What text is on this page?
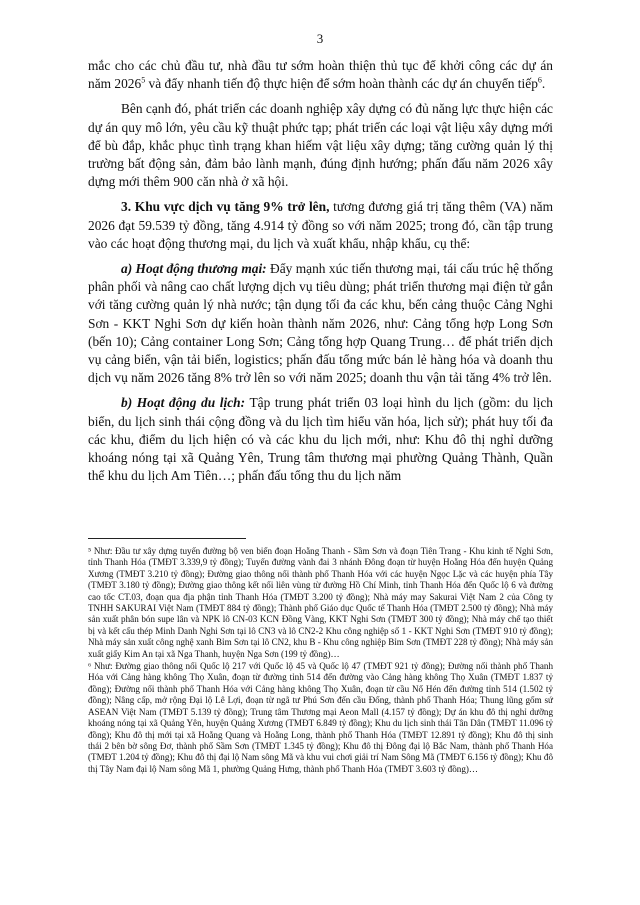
3

mắc cho các chủ đầu tư, nhà đầu tư sớm hoàn thiện thủ tục để khởi công các dự án năm 2026$^5$ và đẩy nhanh tiến độ thực hiện để sớm hoàn thành các dự án chuyển tiếp$^6$.

Bên cạnh đó, phát triển các doanh nghiệp xây dựng có đủ năng lực thực hiện các dự án quy mô lớn, yêu cầu kỹ thuật phức tạp; phát triển các loại vật liệu xây dựng mới để bù đắp, khắc phục tình trạng khan hiếm vật liệu xây dựng; tăng cường quản lý thị trường bất động sản, đảm bảo lành mạnh, đúng định hướng; phấn đấu năm 2026 xây dựng mới thêm 900 căn nhà ở xã hội.

3. Khu vực dịch vụ tăng 9% trở lên, tương đương giá trị tăng thêm (VA) năm 2026 đạt 59.539 tỷ đồng, tăng 4.914 tỷ đồng so với năm 2025; trong đó, cần tập trung vào các hoạt động thương mại, du lịch và xuất khẩu, nhập khẩu, cụ thể:

a) Hoạt động thương mại: Đẩy mạnh xúc tiến thương mại, tái cấu trúc hệ thống phân phối và nâng cao chất lượng dịch vụ tiêu dùng; phát triển thương mại điện tử gắn với tăng cường quản lý nhà nước; tận dụng tối đa các khu, bến cảng thuộc Cảng Nghi Sơn - KKT Nghi Sơn dự kiến hoàn thành năm 2026, như: Cảng tổng hợp Long Sơn (bến 10); Cảng container Long Sơn; Cảng tổng hợp Quang Trung… để phát triển dịch vụ cảng biển, vận tải biển, logistics; phấn đấu tổng mức bán lẻ hàng hóa và doanh thu dịch vụ năm 2026 tăng 8% trở lên so với năm 2025; doanh thu vận tải tăng 4% trở lên.

b) Hoạt động du lịch: Tập trung phát triển 03 loại hình du lịch (gồm: du lịch biển, du lịch sinh thái cộng đồng và du lịch tìm hiểu văn hóa, lịch sử); phát huy tối đa các khu, điểm du lịch hiện có và các khu du lịch mới, như: Khu đô thị nghỉ dưỡng khoáng nóng tại xã Quảng Yên, Trung tâm thương mại phường Quảng Thành, Quần thể khu du lịch Am Tiên…; phấn đấu tổng thu du lịch năm

⁵ Như: Đầu tư xây dựng tuyến đường bộ ven biển đoạn Hoằng Thanh - Sầm Sơn và đoạn Tiên Trang - Khu kinh tế Nghi Sơn, tỉnh Thanh Hóa (TMĐT 3.339,9 tỷ đồng); Tuyến đường vành đai 3 nhánh Đông đoạn từ huyện Hoằng Hóa đến huyện Quảng Xương (TMĐT 3.210 tỷ đồng); Đường giao thông nối thành phố Thanh Hóa với các huyện Ngọc Lặc và các huyện phía Tây (TMĐT 3.180 tỷ đồng); Đường giao thông kết nối liên vùng từ đường Hồ Chí Minh, tỉnh Thanh Hóa đến Quốc lộ 6 và đường cao tốc CT.03, đoạn qua địa phận tỉnh Thanh Hóa (TMĐT 3.200 tỷ đồng); Nhà máy may Sakurai Việt Nam 2 của Công ty TNHH SAKURAI Việt Nam (TMĐT 884 tỷ đồng); Thành phố Giáo dục Quốc tế Thanh Hóa (TMĐT 2.500 tỷ đồng); Nhà máy sản xuất phân bón supe lân và NPK lô CN-03 KCN Đồng Vàng, KKT Nghi Sơn (TMĐT 300 tỷ đồng); Nhà máy chế tạo thiết bị và kết cấu thép Minh Danh Nghi Sơn tại lô CN3 và lô CN2-2 Khu công nghiệp số 1 - KKT Nghi Sơn (TMĐT 910 tỷ đồng); Nhà máy sản xuất công nghệ xanh Bỉm Sơn tại lô CN2, khu B - Khu công nghiệp Bỉm Sơn (TMĐT 228 tỷ đồng); Nhà máy sản xuất giấy Kim An tại xã Nga Thanh, huyện Nga Sơn (199 tỷ đồng)…

⁶ Như: Đường giao thông nối Quốc lộ 217 với Quốc lộ 45 và Quốc lộ 47 (TMĐT 921 tỷ đồng); Đường nối thành phố Thanh Hóa với Cảng hàng không Thọ Xuân, đoạn từ đường tỉnh 514 đến đường vào Cảng hàng không Thọ Xuân (TMĐT 1.837 tỷ đồng); Đường nối thành phố Thanh Hóa với Cảng hàng không Thọ Xuân, đoạn từ cầu Nổ Hén đến đường tỉnh 514 (1.502 tỷ đồng); Nâng cấp, mở rộng Đại lộ Lê Lợi, đoạn từ ngã tư Phú Sơn đến cầu Đống, thành phố Thanh Hóa; Thung lũng gốm sứ ASEAN Việt Nam (TMĐT 5.139 tỷ đồng); Trung tâm Thương mại Aeon Mall (4.157 tỷ đồng); Dự án khu đô thị nghỉ dưỡng khoáng nóng tại xã Quảng Yên, huyện Quảng Xương (TMĐT 6.849 tỷ đồng); Khu du lịch sinh thái Tân Dân (TMĐT 11.096 tỷ đồng); Khu đô thị mới tại xã Hoằng Quang và Hoằng Long, thành phố Thanh Hóa (TMĐT 12.891 tỷ đồng); Khu đô thị sinh thái 2 bên bờ sông Đơ, thành phố Sầm Sơn (TMĐT 1.345 tỷ đồng); Khu đô thị Đông đại lộ Bắc Nam, thành phố Thanh Hóa (TMĐT 1.204 tỷ đồng); Khu đô thị đại lộ Nam sông Mã và khu vui chơi giải trí Nam Sông Mã (TMĐT 6.156 tỷ đồng); Khu đô thị Tây Nam đại lộ Nam sông Mã 1, phường Quảng Hưng, thành phố Thanh Hóa (TMĐT 3.603 tỷ đồng)…
